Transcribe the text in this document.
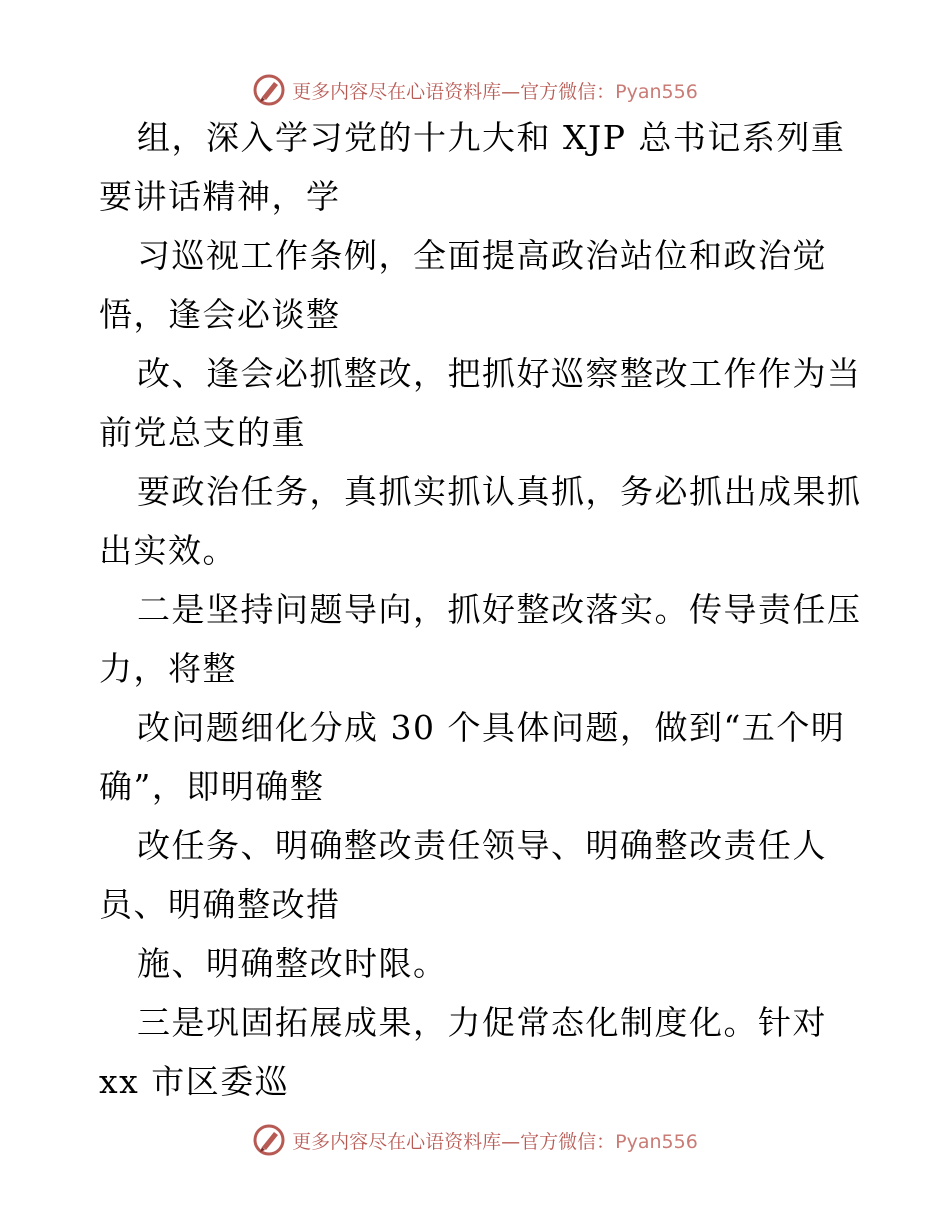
更多内容尽在心语资料库—官方微信：Pyan556
组，深入学习党的十九大和 XJP 总书记系列重
要讲话精神，学
习巡视工作条例，全面提高政治站位和政治觉
悟，逢会必谈整
改、逢会必抓整改，把抓好巡察整改工作作为当
前党总支的重
要政治任务，真抓实抓认真抓，务必抓出成果抓
出实效。
二是坚持问题导向，抓好整改落实。传导责任压
力，将整
改问题细化分成 30 个具体问题，做到“五个明
确”，即明确整
改任务、明确整改责任领导、明确整改责任人
员、明确整改措
施、明确整改时限。
三是巩固拓展成果，力促常态化制度化。针对
xx 市区委巡
更多内容尽在心语资料库—官方微信：Pyan556
